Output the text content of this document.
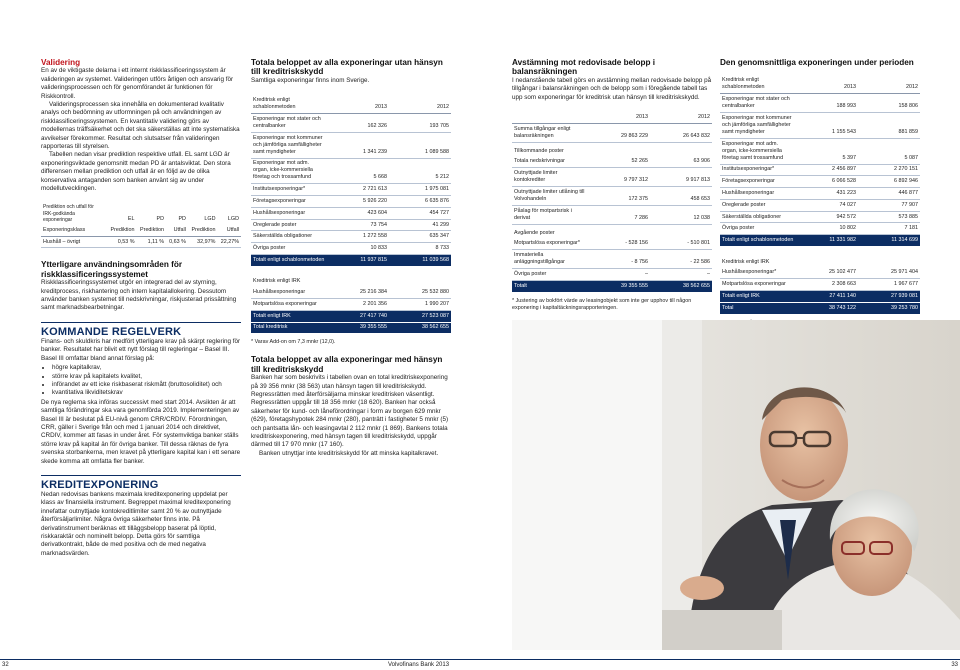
Validering

En av de viktigaste delarna i ett internt riskklassificeringssystem är valideringen av systemet. Valideringen utförs årligen och ansvarig för valideringsprocessen och för genomförandet är funktionen för Riskkontroll.

Valideringsprocessen ska innehålla en dokumenterad kvalitativ analys och bedömning av utformningen på och användningen av riskklassificeringssystemen. En kvantitativ validering görs av modellernas träffsäkerhet och det ska säkerställas att inte systematiska avvikelser förekommer. Resultat och slutsatser från valideringen rapporteras till styrelsen.

Tabellen nedan visar prediktion respektive utfall. EL samt LGD är exponeringsviktade genomsnitt medan PD är antalsviktat. Den stora differensen mellan prediktion och utfall är en följd av de olika konservativa antaganden som banken använt sig av under modellutvecklingen.

Prediktion och utfall för IRK-godkända exponeringar	EL	PD	PD	LGD	LGD
Exponeringsklass	Prediktion	Prediktion	Utfall	Prediktion	Utfall
Hushåll – övrigt	0,53 %	1,11 %	0,63 %	32,97%	22,27%
Ytterligare användningsområden för riskklassificeringssystemet

Riskklassificeringssystemet utgör en integrerad del av styrning, kreditprocess, riskhantering och intern kapitalallokering. Dessutom använder banken systemet till nedskrivningar, riskjusterad prissättning samt marknadsbearbetningar.

KOMMANDE REGELVERK

Finans- och skuldkris har medfört ytterligare krav på skärpt reglering för banker. Resultatet har blivit ett nytt förslag till regleringar – Basel III. Basel III omfattar bland annat förslag på:

• högre kapitalkrav,
• större krav på kapitalets kvalitet,
• införandet av ett icke riskbaserat riskmått (bruttosoliditet) och
• kvantitativa likviditetskrav

De nya reglerna ska införas successivt med start 2014. Avsikten är att samtliga förändringar ska vara genomförda 2019. Implementeringen av Basel III är beslutat på EU-nivå genom CRR/CRDIV. Förordningen, CRR, gäller i Sverige från och med 1 januari 2014 och direktivet, CRDIV, kommer att fasas in under året. För systemviktiga banker ställs större krav på kapital än för övriga banker. Till dessa räknas de fyra svenska storbankerna, men kravet på ytterligare kapital kan i ett senare skede komma att omfatta fler banker.

KREDITEXPONERING

Nedan redovisas bankens maximala kreditexponering uppdelat per klass av finansiella instrument. Begreppet maximal kreditexponering innefattar outnyttjade kontokreditlimiter samt 20 % av outnyttjade återförsäljarlimiter. Några övriga säkerheter finns inte. På derivatinstrument beräknas ett tilläggsbelopp baserat på löptid, riskkaraktär och nominellt belopp. Detta görs för samtliga derivatkontrakt, både de med positiva och de med negativa marknadsvärden.

Totala beloppet av alla exponeringar utan hänsyn till kreditriskskydd

Samtliga exponeringar finns inom Sverige.

Kreditrisk enligt schablonmetoden	2013	2012
Exponeringar mot stater och centralbanker	162 326	193 705
Exponeringar mot kommuner och jämförliga samfälligheter samt myndigheter	1 341 239	1 089 588
Exponeringar mot adm. organ, icke-kommersiella företag och trossamfund	5 668	5 212
Institutsexponeringar*	2 721 613	1 975 081
Företagsexponeringar	5 926 220	6 635 876
Hushållsexponeringar	423 604	454 727
Oreglerade poster	73 754	41 299
Säkerställda obligationer	1 272 558	635 347
Övriga poster	10 833	8 733
Totalt enligt schablonmetoden	11 937 815	11 039 568

Kreditrisk enligt IRK		
Hushållsexponeringar	25 216 384	25 532 880
Motpartslösa exponeringar	2 201 356	1 990 207
Totalt enligt IRK	27 417 740	27 523 087
Total kreditrisk	39 355 555	38 562 655

* Varav Add-on om 7,3 mnkr (12,0).

Totala beloppet av alla exponeringar med hänsyn till kreditriskskydd

Banken har som beskrivits i tabellen ovan en total kreditriskexponering på 39 356 mnkr (38 563) utan hänsyn tagen till kreditriskskydd. Regressrätten med återförsäljarna minskar kreditrisken väsentligt. Regressrätten uppgår till 18 356 mnkr (18 620). Banken har också säkerheter för kund- och låneförordringar i form av borgen 629 mnkr (629), företagshypotek 284 mnkr (280), panträtt i fastigheter 5 mnkr (5) och pantsatta lån- och leasingavtal 2 112 mnkr (1 869). Bankens totala kreditriskexponering, med hänsyn tagen till kreditriskskydd, uppgår därmed till 17 970 mnkr (17 160).

Banken utnyttjar inte kreditriskskydd för att minska kapitalkravet.

Avstämning mot redovisade belopp i balansräkningen

I nedanstående tabell görs en avstämning mellan redovisade belopp på tillgångar i balansräkningen och de belopp som i föregående tabell tas upp som exponeringar för kreditrisk utan hänsyn till kreditriskskydd.

	2013	2012
Summa tillgångar enligt balansräkningen	29 863 229	26 643 832
Tillkommande poster		
Totala nedskrivningar	52 265	63 906
Outnyttjade limiter kontokrediter	9 797 312	9 917 813
Outnyttjade limiter utlåning till Volvohandeln	172 375	458 653
Påslag för motpartsrisk i derivat	7 286	12 038
Avgående poster		
Motpartslösa exponeringar*	- 528 156	- 510 801
Immateriella anläggningstillgångar	- 8 756	- 22 586
Övriga poster	–	–
Totalt	39 355 555	38 562 655

* Justering av bokfört värde av leasingobjekt som inte ger upphov till någon exponering i kapitaltäckningsrapporteringen.

Den genomsnittliga exponeringen under perioden
Kreditrisk enligt schablonmetoden	2013	2012
Exponeringar mot stater och centralbanker	188 993	158 806
Exponeringar mot kommuner och jämförliga samfälligheter samt myndigheter	1 155 543	881 859
Exponeringar mot adm. organ, icke-kommersiella företag samt trossamfund	5 397	5 087
Institutsexponeringar*	2 456 897	2 270 151
Företagsexponeringar	6 066 528	6 892 946
Hushållsexponeringar	431 223	446 877
Oreglerade poster	74 027	77 907
Säkerställda obligationer	942 572	573 885
Övriga poster	10 802	7 181
Totalt enligt schablonmetoden	11 331 982	11 314 699

Kreditrisk enligt IRK		
Hushållsexponeringar*	25 102 477	25 971 404
Motpartslösa exponeringar	2 308 663	1 967 677
Totalt enligt IRK	27 411 140	27 939 081
Total	38 743 122	39 253 780

32	Volvofinans Bank 2013	33
